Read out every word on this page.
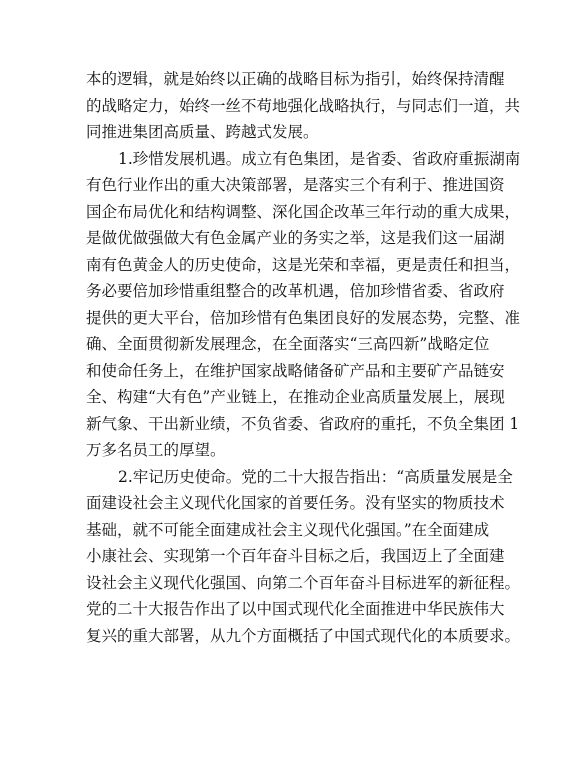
本的逻辑，就是始终以正确的战略目标为指引，始终保持清醒
的战略定力，始终一丝不苟地强化战略执行，与同志们一道，共
同推进集团高质量、跨越式发展。
1.珍惜发展机遇。成立有色集团，是省委、省政府重振湖南
有色行业作出的重大决策部署，是落实三个有利于、推进国资
国企布局优化和结构调整、深化国企改革三年行动的重大成果，
是做优做强做大有色金属产业的务实之举，这是我们这一届湖
南有色黄金人的历史使命，这是光荣和幸福，更是责任和担当，
务必要倍加珍惜重组整合的改革机遇，倍加珍惜省委、省政府
提供的更大平台，倍加珍惜有色集团良好的发展态势，完整、准
确、全面贯彻新发展理念，在全面落实“三高四新”战略定位
和使命任务上，在维护国家战略储备矿产品和主要矿产品链安
全、构建“大有色”产业链上，在推动企业高质量发展上，展现
新气象、干出新业绩，不负省委、省政府的重托，不负全集团 1
万多名员工的厚望。
2.牢记历史使命。党的二十大报告指出：“高质量发展是全
面建设社会主义现代化国家的首要任务。没有坚实的物质技术
基础，就不可能全面建成社会主义现代化强国。”在全面建成
小康社会、实现第一个百年奋斗目标之后，我国迈上了全面建
设社会主义现代化强国、向第二个百年奋斗目标进军的新征程。
党的二十大报告作出了以中国式现代化全面推进中华民族伟大
复兴的重大部署，从九个方面概括了中国式现代化的本质要求。
